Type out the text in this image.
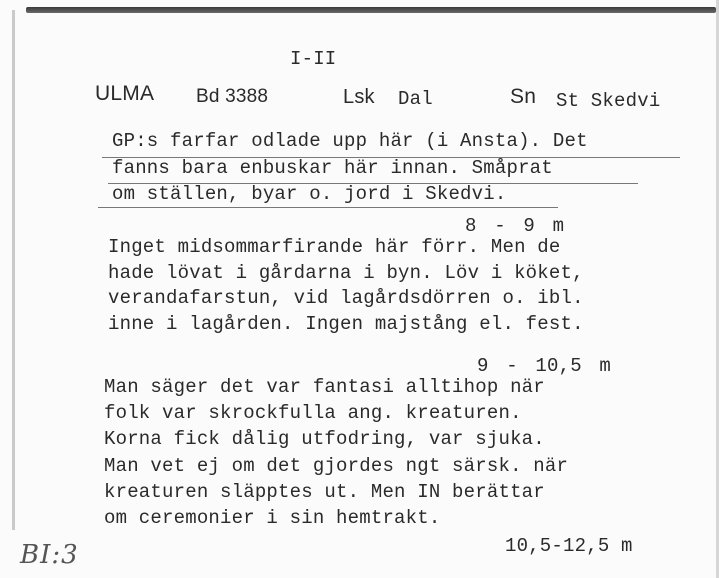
I-II
ULMA Bd 3388	Lsk Dal	Sn St Skedvi
GP:s farfar odlade upp här (i Ansta). Det
fanns bara enbuskar här innan. Småprat
om ställen, byar o. jord i Skedvi.
8 - 9 m
Inget midsommarfirande här förr. Men de
hade lövat i gårdarna i byn. Löv i köket,
verandafarstun, vid lagårdsdörren o. ibl.
inne i lagården. Ingen majstång el. fest.
9 - 10,5 m
Man säger det var fantasi alltihop när
folk var skrockfulla ang. kreaturen.
Korna fick dålig utfodring, var sjuka.
Man vet ej om det gjordes ngt särsk. när
kreaturen släpptes ut. Men IN berättar
om ceremonier i sin hemtrakt.
10,5-12,5 m
BI:3
